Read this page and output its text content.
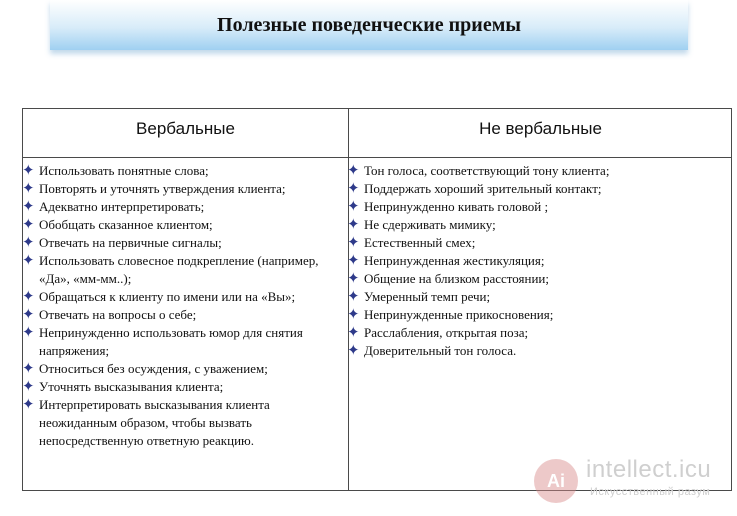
Полезные поведенческие приемы
Вербальные	Не вербальные
✦ Использовать понятные слова;
✦ Повторять и уточнять утверждения клиента;
✦ Адекватно интерпретировать;
✦ Обобщать сказанное клиентом;
✦ Отвечать на первичные сигналы;
✦ Использовать словесное подкрепление (например, «Да», «мм-мм..);
✦ Обращаться к клиенту по имени или на «Вы»;
✦ Отвечать на вопросы о себе;
✦ Непринужденно использовать юмор для снятия напряжения;
✦ Относиться без осуждения, с уважением;
✦ Уточнять высказывания клиента;
✦ Интерпретировать высказывания клиента неожиданным образом, чтобы вызвать непосредственную ответную реакцию.
✦ Тон голоса, соответствующий тону клиента;
✦ Поддержать хороший зрительный контакт;
✦ Непринужденно кивать головой ;
✦ Не сдерживать мимику;
✦ Естественный смех;
✦ Непринужденная жестикуляция;
✦ Общение на близком расстоянии;
✦ Умеренный темп речи;
✦ Непринужденные прикосновения;
✦ Расслабления, открытая поза;
✦ Доверительный тон голоса.
Ai intellect.icu
Искусственный разум
